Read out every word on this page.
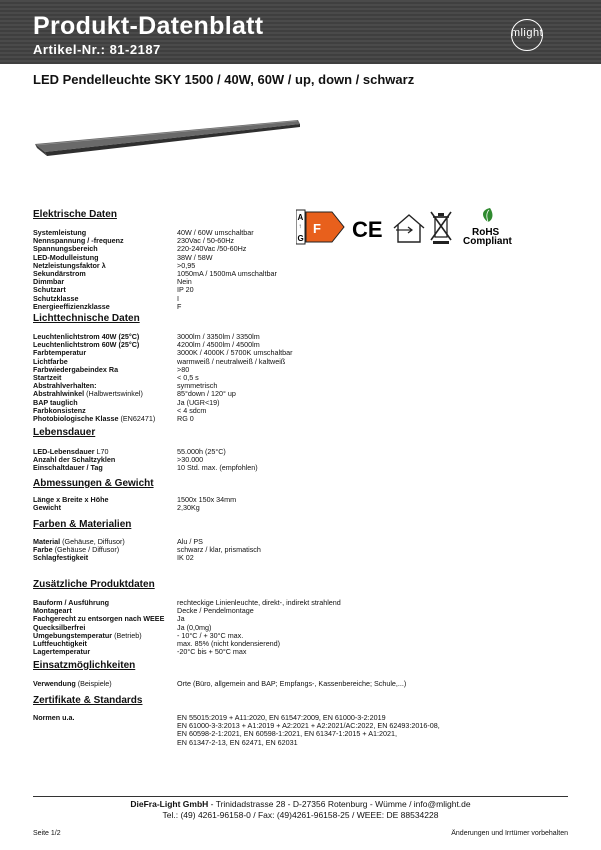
Produkt-Datenblatt
Artikel-Nr.: 81-2187
mlight
LED Pendelleuchte SKY 1500 / 40W, 60W / up, down / schwarz
A
↑
G
F CE	RoHS
Compliant
Elektrische Daten
Systemleistung	40W / 60W umschaltbar
Nennspannung / -frequenz	230Vac / 50-60Hz
Spannungsbereich	220-240Vac /50-60Hz
LED-Modulleistung	38W / 58W
Netzleistungsfaktor λ	>0,95
Sekundärstrom	1050mA / 1500mA umschaltbar
Dimmbar	Nein
Schutzart	IP 20
Schutzklasse	I
Energieeffizienzklasse	F
Lichttechnische Daten
Leuchtenlichtstrom 40W (25°C)	3000lm / 3350lm / 3350lm
Leuchtenlichtstrom 60W (25°C)	4200lm / 4500lm / 4500lm
Farbtemperatur	3000K / 4000K / 5700K umschaltbar
Lichtfarbe	warmweiß / neutralweiß / kaltweiß
Farbwiedergabeindex Ra	>80
Startzeit	< 0,5 s
Abstrahlverhalten:	symmetrisch
Abstrahlwinkel (Halbwertswinkel)	85°down / 120° up
BAP tauglich	Ja (UGR<19)
Farbkonsistenz	< 4 sdcm
Photobiologische Klasse (EN62471)	RG 0
Lebensdauer
LED-Lebensdauer L70	55.000h (25°C)
Anzahl der Schaltzyklen	>30.000
Einschaltdauer / Tag	10 Std. max. (empfohlen)
Abmessungen & Gewicht
Länge x Breite x Höhe	1500x 150x 34mm
Gewicht	2,30Kg
Farben & Materialien
Material (Gehäuse, Diffusor)	Alu / PS
Farbe (Gehäuse / Diffusor)	schwarz / klar, prismatisch
Schlagfestigkeit	IK 02
Zusätzliche Produktdaten
Bauform / Ausführung	rechteckige Linienleuchte, direkt-, indirekt strahlend
Montageart	Decke / Pendelmontage
Fachgerecht zu entsorgen nach WEEE Ja
Quecksilberfrei	Ja (0,0mg)
Umgebungstemperatur (Betrieb)	- 10°C / + 30°C max.
Luftfeuchtigkeit	max. 85% (nicht kondensierend)
Lagertemperatur	-20°C bis + 50°C max
Einsatzmöglichkeiten
Verwendung (Beispiele)	Orte (Büro, allgemein and BAP; Empfangs-, Kassenbereiche; Schule,...)
Zertifikate & Standards
Normen u.a.	EN 55015:2019 + A11:2020, EN 61547:2009, EN 61000-3-2:2019
EN 61000-3-3:2013 + A1:2019 + A2:2021 + A2:2021/AC:2022, EN 62493:2016-08,
EN 60598-2-1:2021, EN 60598-1:2021, EN 61347-1:2015 + A1:2021,
EN 61347-2-13, EN 62471, EN 62031
DieFra-Light GmbH - Trinidadstrasse 28 - D-27356 Rotenburg - Wümme / info@mlight.de
Tel.: (49) 4261-96158-0 / Fax: (49)4261-96158-25 / WEEE: DE 88534228
Seite 1/2	Änderungen und Irrtümer vorbehalten
